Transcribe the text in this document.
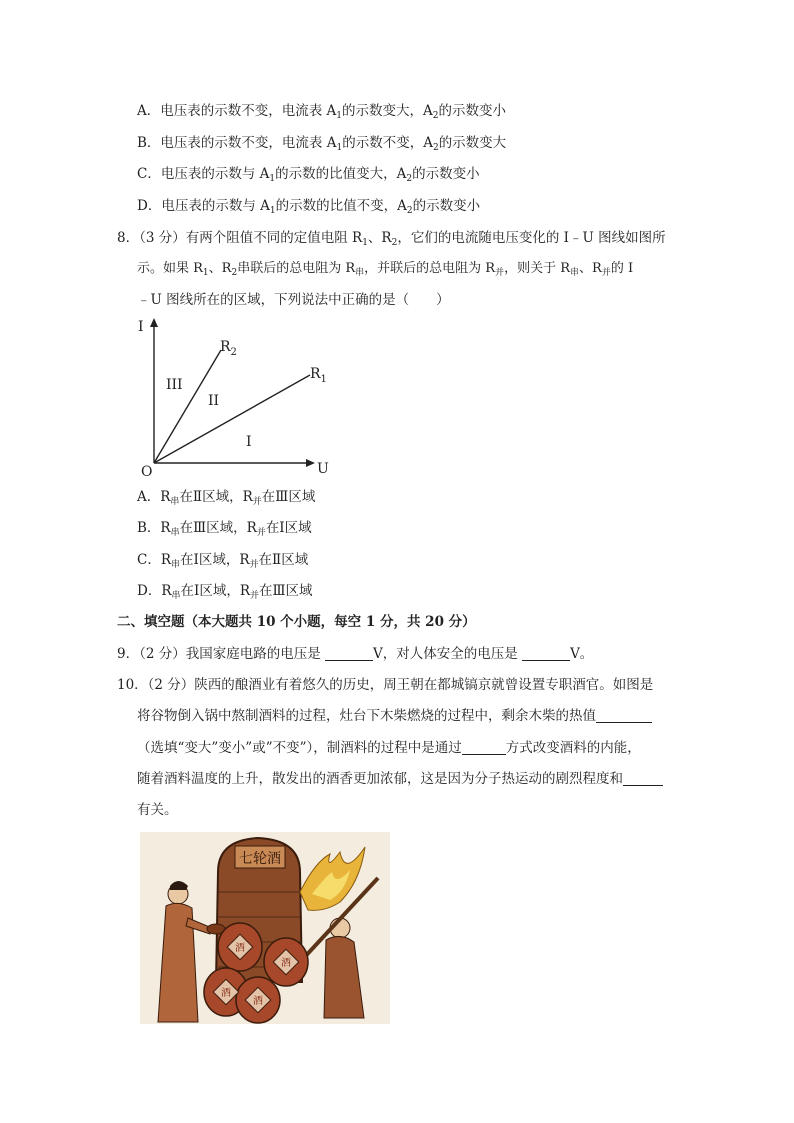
A．电压表的示数不变，电流表 $A_1$的示数变大，$A_2$的示数变小
B．电压表的示数不变，电流表 $A_1$的示数不变，$A_2$的示数变大
C．电压表的示数与 $A_1$的示数的比值变大，$A_2$的示数变小
D．电压表的示数与 $A_1$的示数的比值不变，$A_2$的示数变小
8．（3 分）有两个阻值不同的定值电阻 $R_1$、$R_2$，它们的电流随电压变化的 I﹣U 图线如图所
示。如果 $R_1$、$R_2$串联后的总电阻为 $R_串$，并联后的总电阻为 $R_并$，则关于 $R_串$、$R_并$的 I
﹣U 图线所在的区域，下列说法中正确的是（　　）
I
U
O
$R_2$
$R_1$
III
II
I
A．$R_串$在Ⅱ区域，$R_并$在Ⅲ区域
B．$R_串$在Ⅲ区域，$R_并$在Ⅰ区域
C．$R_串$在Ⅰ区域，$R_并$在Ⅱ区域
D．$R_串$在Ⅰ区域，$R_并$在Ⅲ区域
二、填空题（本大题共 10 个小题，每空 1 分，共 20 分）
9．（2 分）我国家庭电路的电压是	V，对人体安全的电压是	V。
10．（2 分）陕西的酿酒业有着悠久的历史，周王朝在都城镐京就曾设置专职酒官。如图是
将谷物倒入锅中熬制酒料的过程，灶台下木柴燃烧的过程中，剩余木柴的热值
（选填“变大”变小”或”不变”），制酒料的过程中是通过	方式改变酒料的内能，
随着酒料温度的上升，散发出的酒香更加浓郁，这是因为分子热运动的剧烈程度和
有关。
七轮酒
酒
酒
酒
酒
